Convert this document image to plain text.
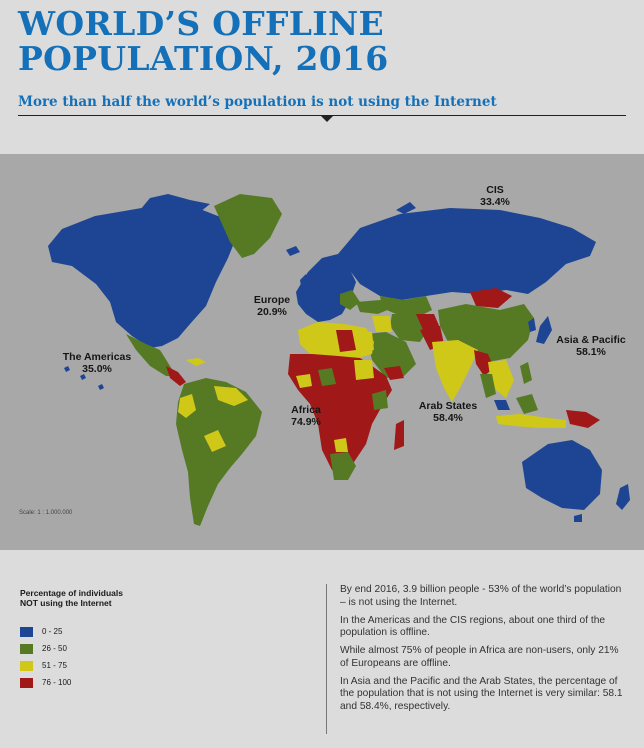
WORLD’S OFFLINE
POPULATION, 2016
More than half the world’s population is not using the Internet
CIS
33.4%
Europe
20.9%
The Americas
35.0%
Africa
74.9%
Arab States
58.4%
Asia & Pacific
58.1%
Scale: 1 : 1.000.000
Percentage of individuals
NOT using the Internet
0 - 25
26 - 50
51 - 75
76 - 100

By end 2016, 3.9 billion people - 53% of the world’s population – is not using the Internet.

In the Americas and the CIS regions, about one third of the population is offline.

While almost 75% of people in Africa are non-users, only 21% of Europeans are offline.

In Asia and the Pacific and the Arab States, the percentage of the population that is not using the Internet is very similar: 58.1 and 58.4%, respectively.
